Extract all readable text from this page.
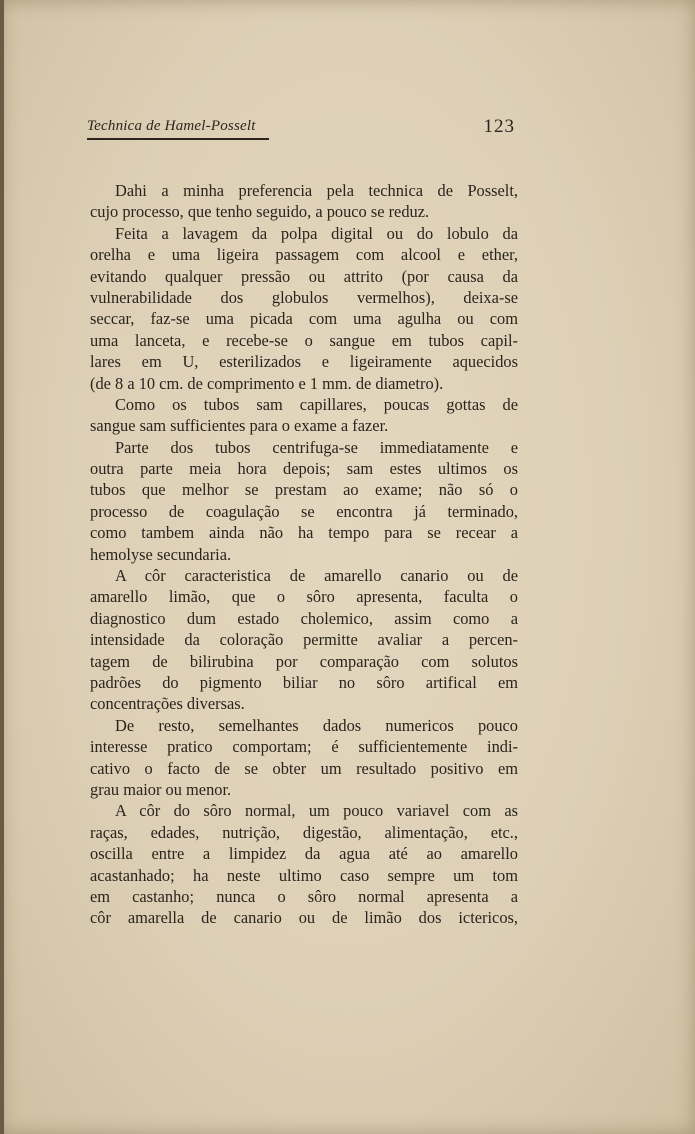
Technica de Hamel-Posselt	123
Dahi a minha preferencia pela technica de Posselt,
cujo processo, que tenho seguido, a pouco se reduz.
Feita a lavagem da polpa digital ou do lobulo da
orelha e uma ligeira passagem com alcool e ether,
evitando qualquer pressão ou attrito (por causa da
vulnerabilidade dos globulos vermelhos), deixa-se
seccar, faz-se uma picada com uma agulha ou com
uma lanceta, e recebe-se o sangue em tubos capil-
lares em U, esterilizados e ligeiramente aquecidos
(de 8 a 10 cm. de comprimento e 1 mm. de diametro).
Como os tubos sam capillares, poucas gottas de
sangue sam sufficientes para o exame a fazer.
Parte dos tubos centrifuga-se immediatamente e
outra parte meia hora depois; sam estes ultimos os
tubos que melhor se prestam ao exame; não só o
processo de coagulação se encontra já terminado,
como tambem ainda não ha tempo para se recear a
hemolyse secundaria.
A côr caracteristica de amarello canario ou de
amarello limão, que o sôro apresenta, faculta o
diagnostico dum estado cholemico, assim como a
intensidade da coloração permitte avaliar a percen-
tagem de bilirubina por comparação com solutos
padrões do pigmento biliar no sôro artifical em
concentrações diversas.
De resto, semelhantes dados numericos pouco
interesse pratico comportam; é sufficientemente indi-
cativo o facto de se obter um resultado positivo em
grau maior ou menor.
A côr do sôro normal, um pouco variavel com as
raças, edades, nutrição, digestão, alimentação, etc.,
oscilla entre a limpidez da agua até ao amarello
acastanhado; ha neste ultimo caso sempre um tom
em castanho; nunca o sôro normal apresenta a
côr amarella de canario ou de limão dos ictericos,
